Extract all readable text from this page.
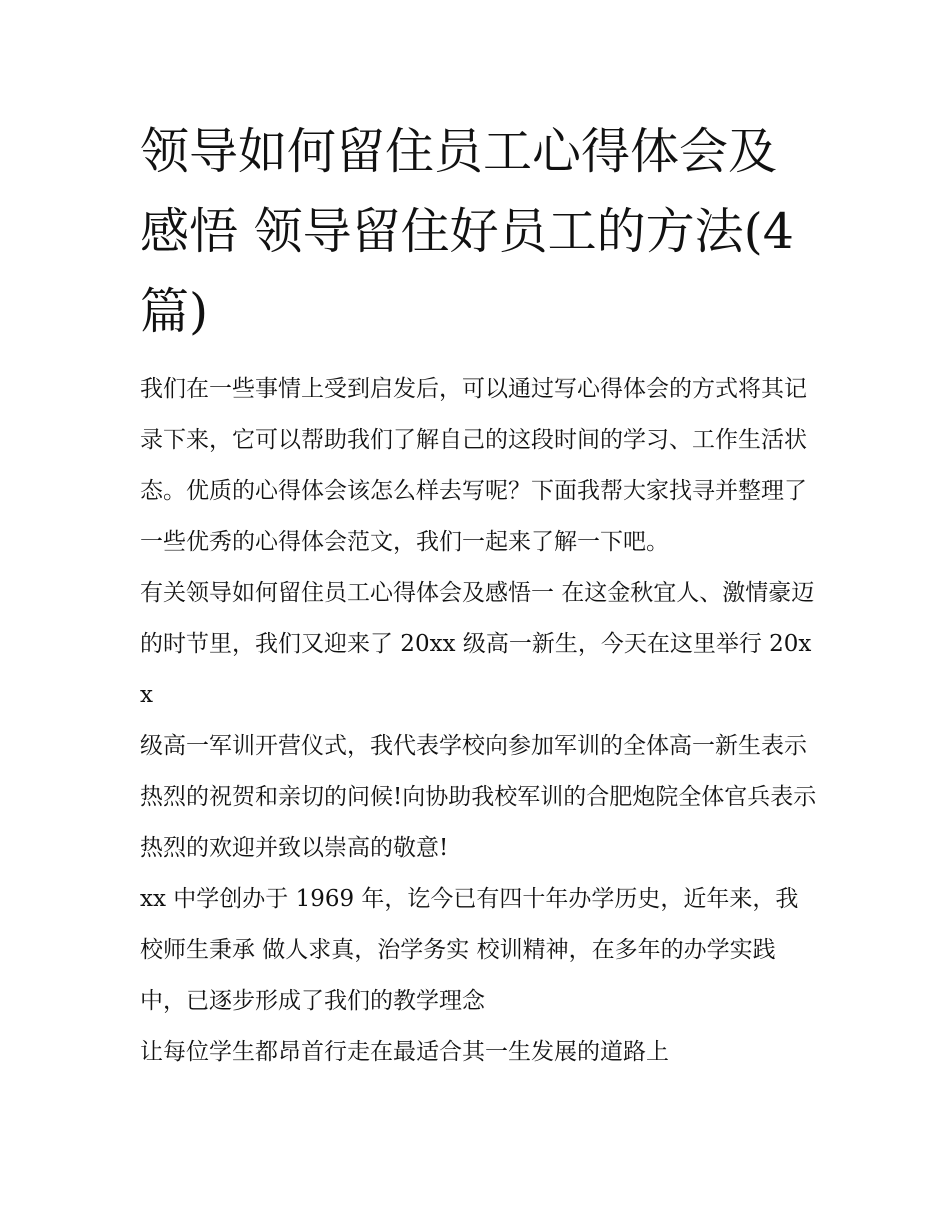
领导如何留住员工心得体会及感悟 领导留住好员工的方法(4篇)

我们在一些事情上受到启发后，可以通过写心得体会的方式将其记录下来，它可以帮助我们了解自己的这段时间的学习、工作生活状态。优质的心得体会该怎么样去写呢？下面我帮大家找寻并整理了一些优秀的心得体会范文，我们一起来了解一下吧。

有关领导如何留住员工心得体会及感悟一 在这金秋宜人、激情豪迈的时节里，我们又迎来了 20xx 级高一新生，今天在这里举行 20xx

级高一军训开营仪式，我代表学校向参加军训的全体高一新生表示热烈的祝贺和亲切的问候!向协助我校军训的合肥炮院全体官兵表示热烈的欢迎并致以崇高的敬意!

xx 中学创办于 1969 年，讫今已有四十年办学历史，近年来，我校师生秉承 做人求真，治学务实 校训精神，在多年的办学实践中，已逐步形成了我们的教学理念

让每位学生都昂首行走在最适合其一生发展的道路上
